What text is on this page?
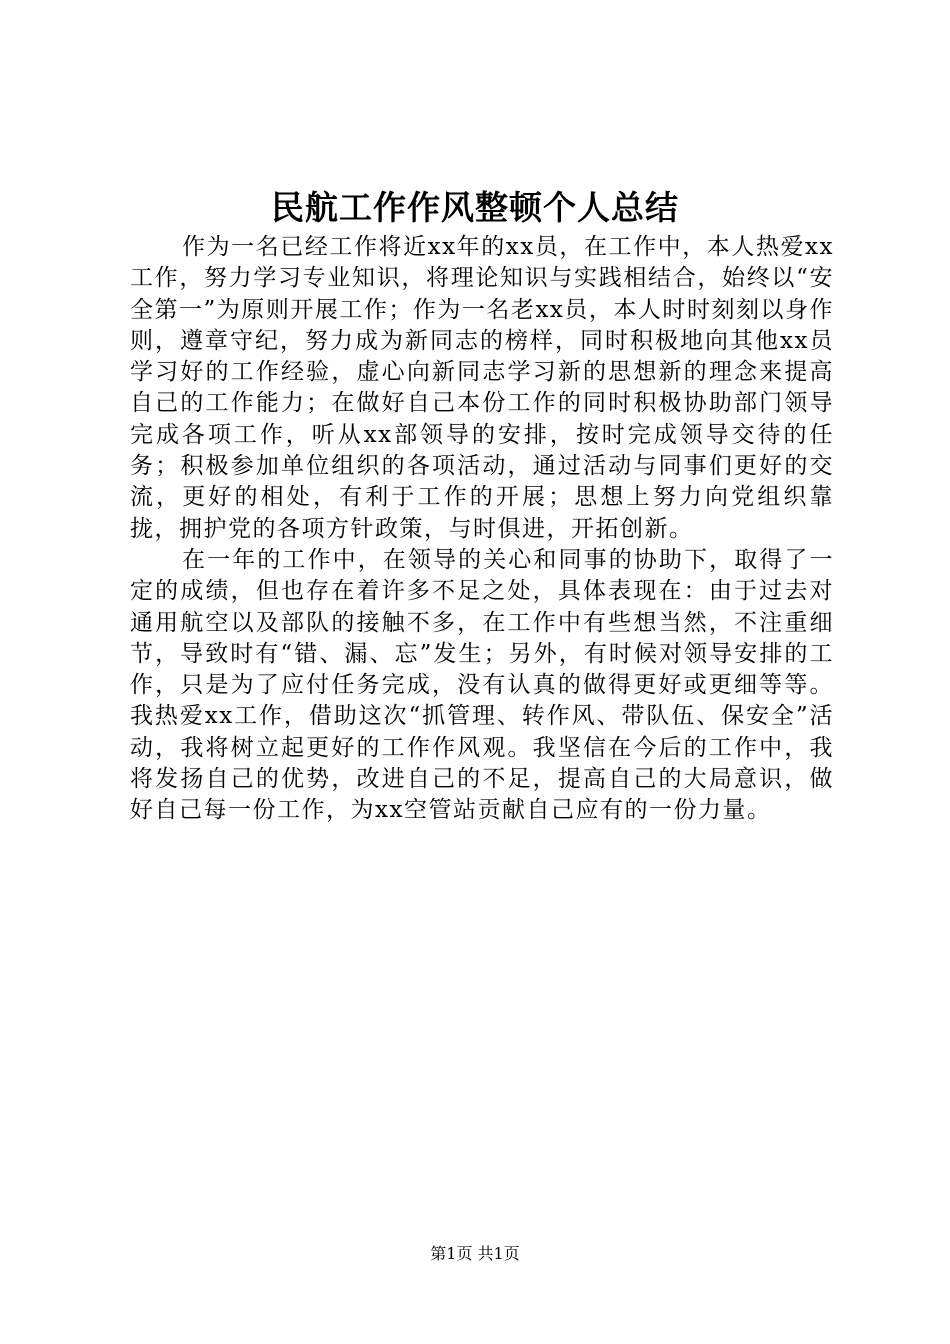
民航工作作风整顿个人总结

作为一名已经工作将近xx年的xx员，在工作中，本人热爱xx工作，努力学习专业知识，将理论知识与实践相结合，始终以“安全第一”为原则开展工作；作为一名老xx员，本人时时刻刻以身作则，遵章守纪，努力成为新同志的榜样，同时积极地向其他xx员学习好的工作经验，虚心向新同志学习新的思想新的理念来提高自己的工作能力；在做好自己本份工作的同时积极协助部门领导完成各项工作，听从xx部领导的安排，按时完成领导交待的任务；积极参加单位组织的各项活动，通过活动与同事们更好的交流，更好的相处，有利于工作的开展；思想上努力向党组织靠拢，拥护党的各项方针政策，与时俱进，开拓创新。

在一年的工作中，在领导的关心和同事的协助下，取得了一定的成绩，但也存在着许多不足之处，具体表现在：由于过去对通用航空以及部队的接触不多，在工作中有些想当然，不注重细节，导致时有“错、漏、忘”发生；另外，有时候对领导安排的工作，只是为了应付任务完成，没有认真的做得更好或更细等等。我热爱xx工作，借助这次“抓管理、转作风、带队伍、保安全”活动，我将树立起更好的工作作风观。我坚信在今后的工作中，我将发扬自己的优势，改进自己的不足，提高自己的大局意识，做好自己每一份工作，为xx空管站贡献自己应有的一份力量。

第1页 共1页
